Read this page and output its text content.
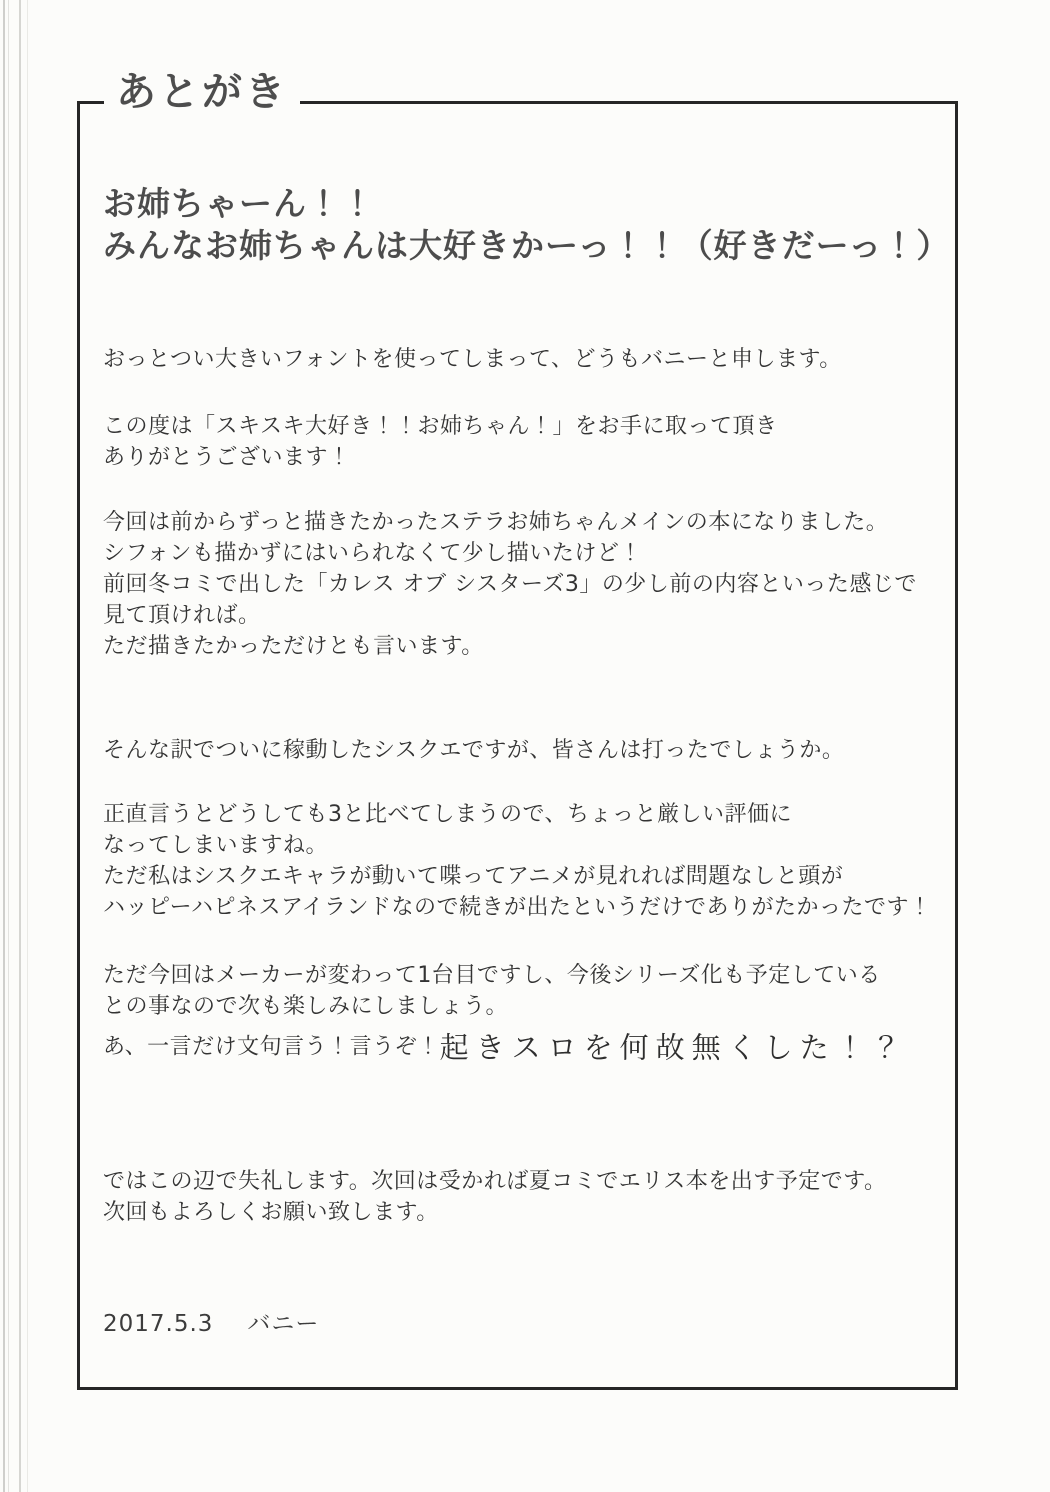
あとがき
お姉ちゃーん！！
みんなお姉ちゃんは大好きかーっ！！（好きだーっ！）
おっとつい大きいフォントを使ってしまって、どうもバニーと申します。
この度は「スキスキ大好き！！お姉ちゃん！」をお手に取って頂き
ありがとうございます！
今回は前からずっと描きたかったステラお姉ちゃんメインの本になりました。
シフォンも描かずにはいられなくて少し描いたけど！
前回冬コミで出した「カレス オブ シスターズ3」の少し前の内容といった感じで
見て頂ければ。
ただ描きたかっただけとも言います。
そんな訳でついに稼動したシスクエですが、皆さんは打ったでしょうか。
正直言うとどうしても3と比べてしまうので、ちょっと厳しい評価に
なってしまいますね。
ただ私はシスクエキャラが動いて喋ってアニメが見れれば問題なしと頭が
ハッピーハピネスアイランドなので続きが出たというだけでありがたかったです！
ただ今回はメーカーが変わって1台目ですし、今後シリーズ化も予定している
との事なので次も楽しみにしましょう。
あ、一言だけ文句言う！言うぞ！起きスロを何故無くした！？
ではこの辺で失礼します。次回は受かれば夏コミでエリス本を出す予定です。
次回もよろしくお願い致します。
2017.5.3 バニー
